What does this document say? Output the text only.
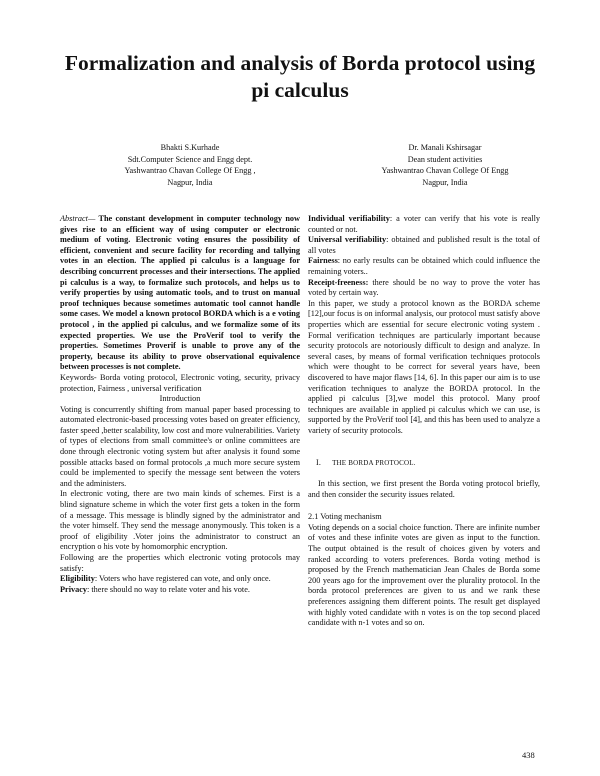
Formalization and analysis of Borda protocol using pi calculus
Bhakti S.Kurhade
Sdt.Computer Science and Engg dept.
Yashwantrao Chavan College Of Engg ,
Nagpur, India
Dr. Manali Kshirsagar
Dean student activities
Yashwantrao Chavan College Of Engg
Nagpur, India

Abstract— The constant development in computer technology now gives rise to an efficient way of using computer or electronic medium of voting. Electronic voting ensures the possibility of efficient, convenient and secure facility for recording and tallying votes in an election. The applied pi calculus is a language for describing concurrent processes and their intersections. The applied pi calculus is a way, to formalize such protocols, and helps us to verify properties by using automatic tools, and to trust on manual proof techniques because sometimes automatic tool cannot handle some cases. We model a known protocol BORDA which is a e voting protocol , in the applied pi calculus, and we formalize some of its expected properties. We use the ProVerif tool to verify the properties. Sometimes Proverif is unable to prove any of the property, because its ability to prove observational equivalence between processes is not complete.

Keywords- Borda voting protocol, Electronic voting, security, privacy protection, Fairness , universal verification

Introduction

Voting is concurrently shifting from manual paper based processing to automated electronic-based processing votes based on greater efficiency, faster speed ,better scalability, low cost and more vulnerabilities. Variety of types of elections from small committee's or online committees are done through electronic voting system but after analysis it found some possible attacks based on formal protocols ,a much more secure system could be implemented to specify the message sent between the voters and the administers.

In electronic voting, there are two main kinds of schemes. First is a blind signature scheme in which the voter first gets a token in the form of a message. This message is blindly signed by the administrator and the voter himself. They send the message anonymously. This token is a proof of eligibility .Voter joins the administrator to construct an encryption o his vote by homomorphic encryption.

Following are the properties which electronic voting protocols may satisfy:

Eligibility: Voters who have registered can vote, and only once.

Privacy: there should no way to relate voter and his vote.

Individual verifiability: a voter can verify that his vote is really counted or not.

Universal verifiability: obtained and published result is the total of all votes

Fairness: no early results can be obtained which could influence the remaining voters..

Receipt-freeness: there should be no way to prove the voter has voted by certain way.

In this paper, we study a protocol known as the BORDA scheme [12],our focus is on informal analysis, our protocol must satisfy above properties which are essential for secure electronic voting system . Formal verification techniques are particularly important because security protocols are notoriously difficult to design and analyze. In several cases, by means of formal verification techniques protocols which were thought to be correct for several years have, been discovered to have major flaws [14, 6]. In this paper our aim is to use verification techniques to analyze the BORDA protocol. In the applied pi calculus [3],we model this protocol. Many proof techniques are available in applied pi calculus which we can use, is supported by the ProVerif tool [4], and this has been used to analyze a variety of security protocols.

I. THE BORDA PROTOCOL.

In this section, we first present the Borda voting protocol briefly, and then consider the security issues related.

2.1 Voting mechanism

Voting depends on a social choice function. There are infinite number of votes and these infinite votes are given as input to the function. The output obtained is the result of choices given by voters and ranked according to voters preferences. Borda voting method is proposed by the French mathematician Jean Chales de Borda some 200 years ago for the improvement over the plurality protocol. In the borda protocol preferences are given to us and we rank these preferences assigning them different points. The result get displayed with highly voted candidate with n votes is on the top second placed candidate with n-1 votes and so on.

438
